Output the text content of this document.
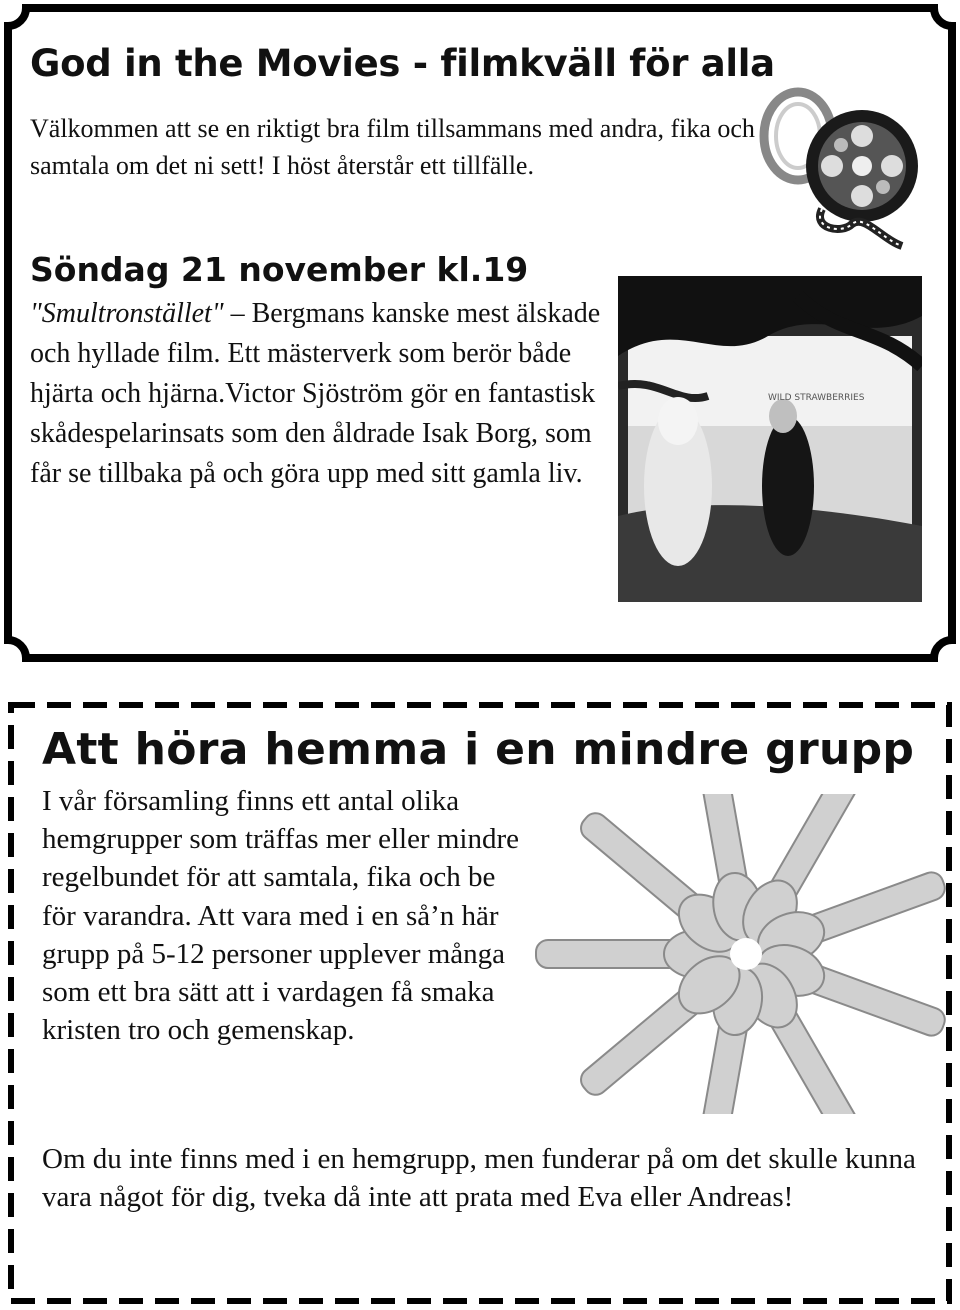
God in the Movies - filmkväll för alla

Välkommen att se en riktigt bra film tillsammans med andra, fika och samtala om det ni sett! I höst återstår ett tillfälle.

Söndag 21 november kl.19

"Smultronstället" – Bergmans kanske mest älskade och hyllade film. Ett mästerverk som berör både hjärta och hjärna.Victor Sjöström gör en fantastisk skådespelarinsats som den åldrade Isak Borg, som får se tillbaka på och göra upp med sitt gamla liv.

WILD STRAWBERRIES
Att höra hemma i en mindre grupp

I vår församling finns ett antal olika hemgrupper som träffas mer eller mindre regelbundet för att samtala, fika och be för varandra. Att vara med i en så’n här grupp på 5-12 personer upplever många som ett bra sätt att i vardagen få smaka kristen tro och gemenskap.

Om du inte finns med i en hemgrupp, men funderar på om det skulle kunna vara något för dig, tveka då inte att prata med Eva eller Andreas!
